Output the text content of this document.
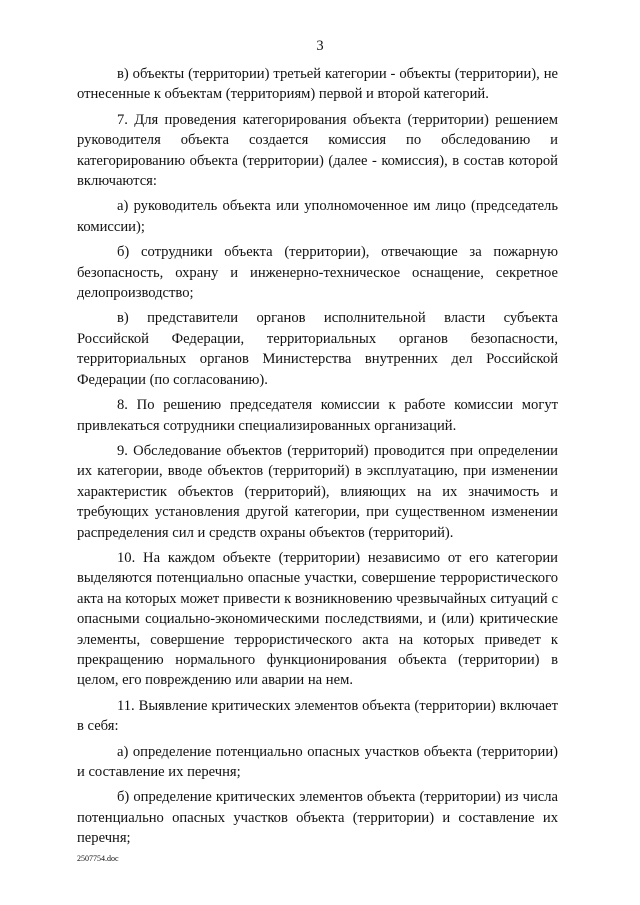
3

в) объекты (территории) третьей категории - объекты (территории), не отнесенные к объектам (территориям) первой и второй категорий.

7. Для проведения категорирования объекта (территории) решением руководителя объекта создается комиссия по обследованию и категорированию объекта (территории) (далее - комиссия), в состав которой включаются:

а) руководитель объекта или уполномоченное им лицо (председатель комиссии);

б) сотрудники объекта (территории), отвечающие за пожарную безопасность, охрану и инженерно-техническое оснащение, секретное делопроизводство;

в) представители органов исполнительной власти субъекта Российской Федерации, территориальных органов безопасности, территориальных органов Министерства внутренних дел Российской Федерации (по согласованию).

8. По решению председателя комиссии к работе комиссии могут привлекаться сотрудники специализированных организаций.

9. Обследование объектов (территорий) проводится при определении их категории, вводе объектов (территорий) в эксплуатацию, при изменении характеристик объектов (территорий), влияющих на их значимость и требующих установления другой категории, при существенном изменении распределения сил и средств охраны объектов (территорий).

10. На каждом объекте (территории) независимо от его категории выделяются потенциально опасные участки, совершение террористического акта на которых может привести к возникновению чрезвычайных ситуаций с опасными социально-экономическими последствиями, и (или) критические элементы, совершение террористического акта на которых приведет к прекращению нормального функционирования объекта (территории) в целом, его повреждению или аварии на нем.

11. Выявление критических элементов объекта (территории) включает в себя:

а) определение потенциально опасных участков объекта (территории) и составление их перечня;

б) определение критических элементов объекта (территории) из числа потенциально опасных участков объекта (территории) и составление их перечня;

2507754.doc
